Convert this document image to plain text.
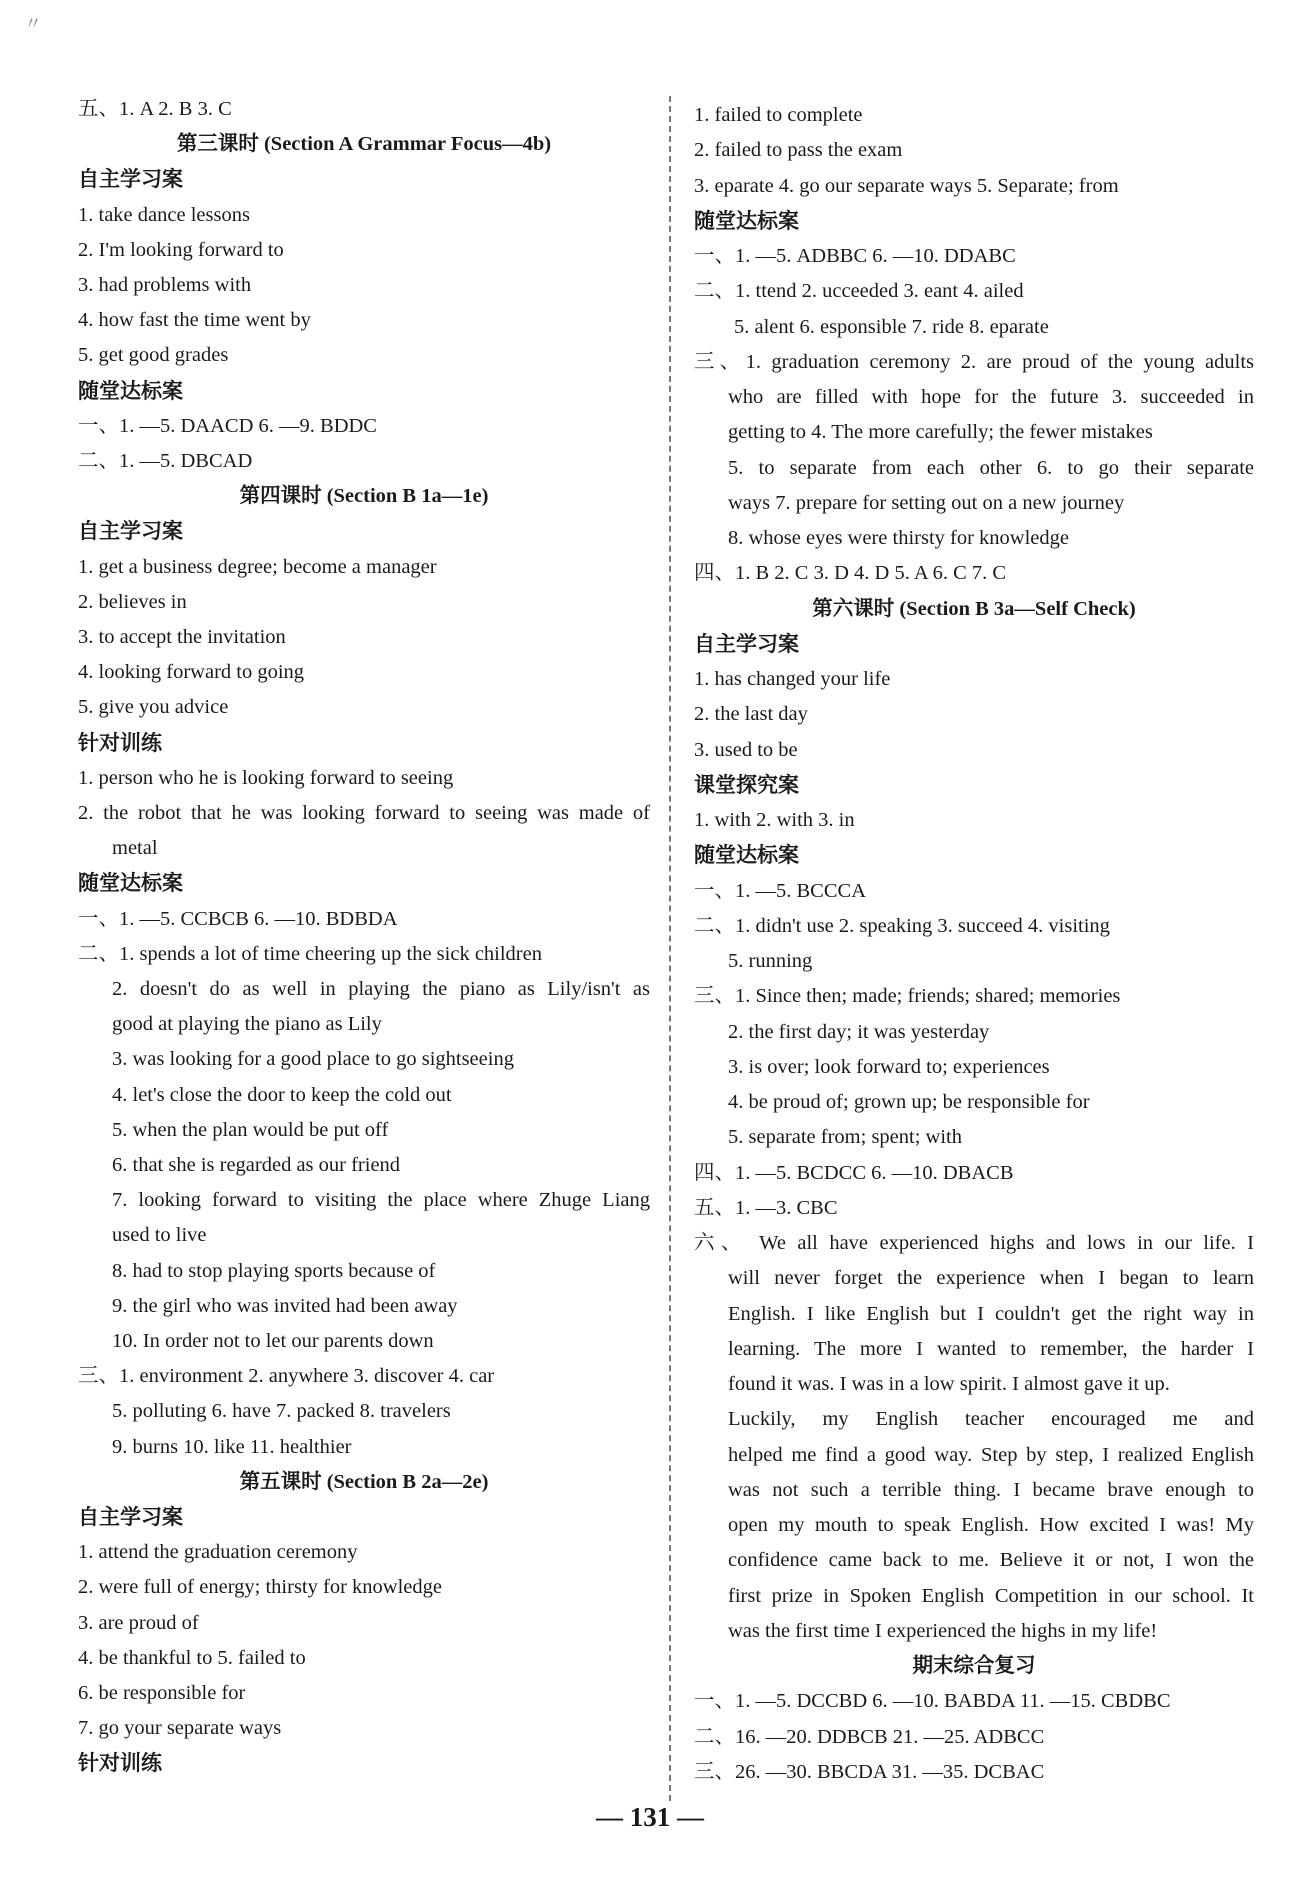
〃
五、1. A 2. B 3. C
第三课时 (Section A Grammar Focus—4b)
自主学习案
1. take dance lessons
2. I'm looking forward to
3. had problems with
4. how fast the time went by
5. get good grades
随堂达标案
一、1. —5. DAACD 6. —9. BDDC
二、1. —5. DBCAD
第四课时 (Section B 1a—1e)
自主学习案
1. get a business degree; become a manager
2. believes in
3. to accept the invitation
4. looking forward to going
5. give you advice
针对训练
1. person who he is looking forward to seeing
2. the robot that he was looking forward to seeing was made of
metal
随堂达标案
一、1. —5. CCBCB 6. —10. BDBDA
二、1. spends a lot of time cheering up the sick children
2. doesn't do as well in playing the piano as Lily/isn't as
good at playing the piano as Lily
3. was looking for a good place to go sightseeing
4. let's close the door to keep the cold out
5. when the plan would be put off
6. that she is regarded as our friend
7. looking forward to visiting the place where Zhuge Liang
used to live
8. had to stop playing sports because of
9. the girl who was invited had been away
10. In order not to let our parents down
三、1. environment 2. anywhere 3. discover 4. car
5. polluting 6. have 7. packed 8. travelers
9. burns 10. like 11. healthier
第五课时 (Section B 2a—2e)
自主学习案
1. attend the graduation ceremony
2. were full of energy; thirsty for knowledge
3. are proud of
4. be thankful to 5. failed to
6. be responsible for
7. go your separate ways
针对训练
1. failed to complete
2. failed to pass the exam
3. eparate 4. go our separate ways 5. Separate; from
随堂达标案
一、1. —5. ADBBC 6. —10. DDABC
二、1. ttend 2. ucceeded 3. eant 4. ailed
5. alent 6. esponsible 7. ride 8. eparate
三、1. graduation ceremony 2. are proud of the young adults
who are filled with hope for the future 3. succeeded in
getting to 4. The more carefully; the fewer mistakes
5. to separate from each other 6. to go their separate
ways 7. prepare for setting out on a new journey
8. whose eyes were thirsty for knowledge
四、1. B 2. C 3. D 4. D 5. A 6. C 7. C
第六课时 (Section B 3a—Self Check)
自主学习案
1. has changed your life
2. the last day
3. used to be
课堂探究案
1. with 2. with 3. in
随堂达标案
一、1. —5. BCCCA
二、1. didn't use 2. speaking 3. succeed 4. visiting
5. running
三、1. Since then; made; friends; shared; memories
2. the first day; it was yesterday
3. is over; look forward to; experiences
4. be proud of; grown up; be responsible for
5. separate from; spent; with
四、1. —5. BCDCC 6. —10. DBACB
五、1. —3. CBC
六、 We all have experienced highs and lows in our life. I
will never forget the experience when I began to learn
English. I like English but I couldn't get the right way in
learning. The more I wanted to remember, the harder I
found it was. I was in a low spirit. I almost gave it up.
Luckily, my English teacher encouraged me and
helped me find a good way. Step by step, I realized English
was not such a terrible thing. I became brave enough to
open my mouth to speak English. How excited I was! My
confidence came back to me. Believe it or not, I won the
first prize in Spoken English Competition in our school. It
was the first time I experienced the highs in my life!
期末综合复习
一、1. —5. DCCBD 6. —10. BABDA 11. —15. CBDBC
二、16. —20. DDBCB 21. —25. ADBCC
三、26. —30. BBCDA 31. —35. DCBAC
— 131 —
